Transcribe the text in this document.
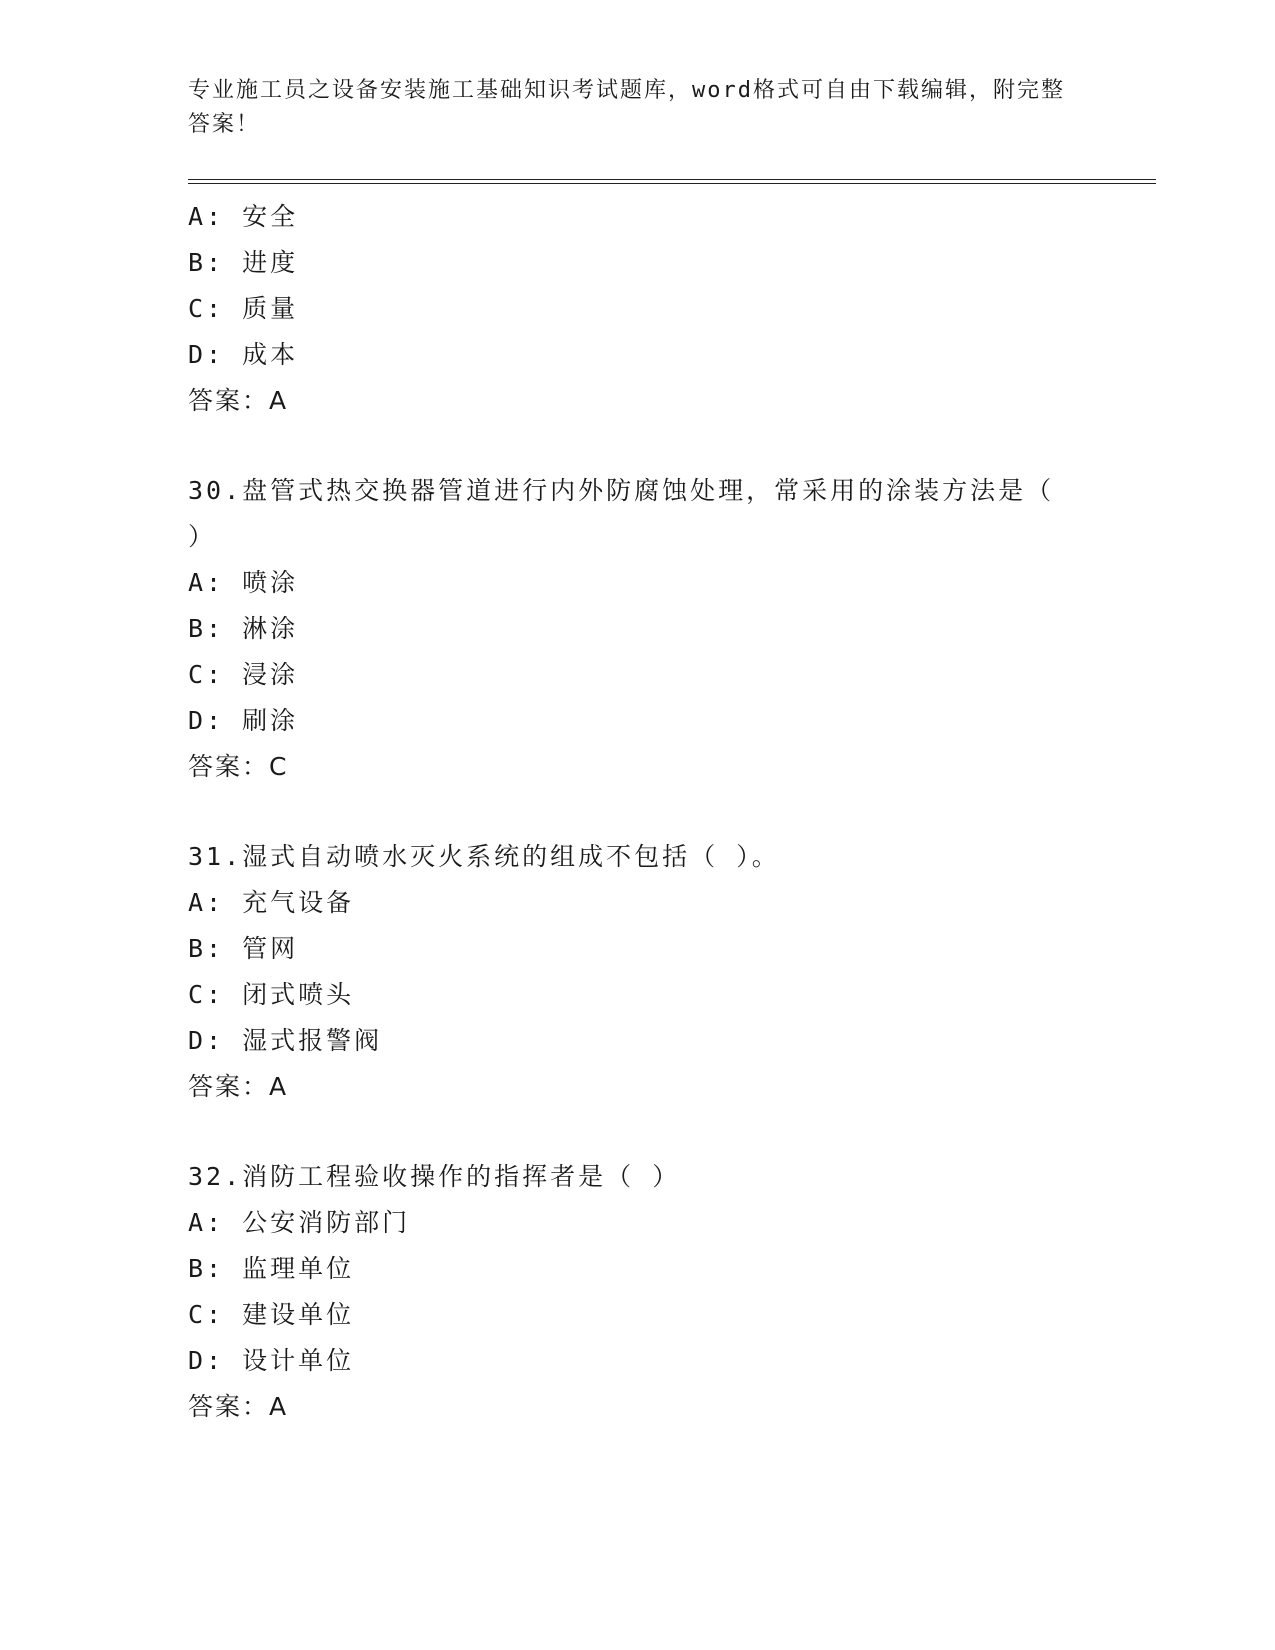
专业施工员之设备安装施工基础知识考试题库，word格式可自由下载编辑，附完整答案！
A: 安全
B: 进度
C: 质量
D: 成本
答案：A
30.盘管式热交换器管道进行内外防腐蚀处理，常采用的涂装方法是（ ）
A: 喷涂
B: 淋涂
C: 浸涂
D: 刷涂
答案：C
31.湿式自动喷水灭火系统的组成不包括（ ）。
A: 充气设备
B: 管网
C: 闭式喷头
D: 湿式报警阀
答案：A
32.消防工程验收操作的指挥者是（ ）
A: 公安消防部门
B: 监理单位
C: 建设单位
D: 设计单位
答案：A
